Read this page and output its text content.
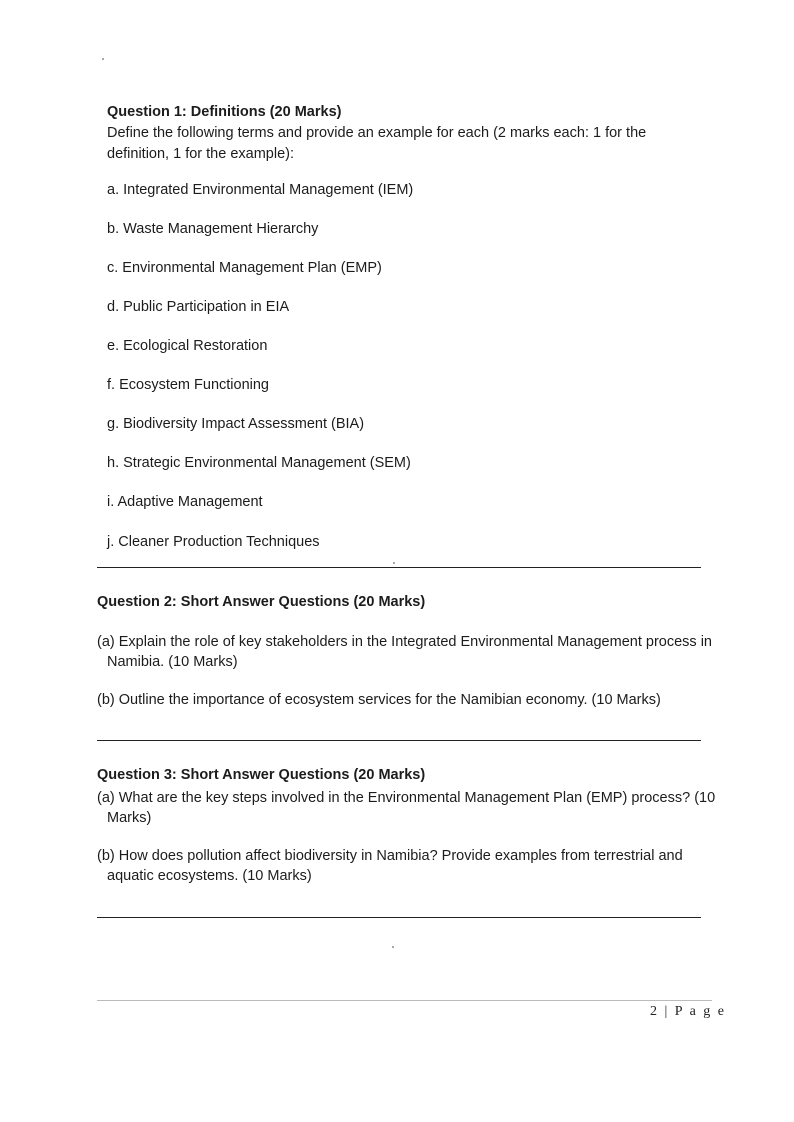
Question 1: Definitions (20 Marks)
Define the following terms and provide an example for each (2 marks each: 1 for the definition, 1 for the example):
a. Integrated Environmental Management (IEM)
b. Waste Management Hierarchy
c. Environmental Management Plan (EMP)
d. Public Participation in EIA
e. Ecological Restoration
f. Ecosystem Functioning
g. Biodiversity Impact Assessment (BIA)
h. Strategic Environmental Management (SEM)
i. Adaptive Management
j. Cleaner Production Techniques
Question 2: Short Answer Questions (20 Marks)
(a) Explain the role of key stakeholders in the Integrated Environmental Management process in Namibia. (10 Marks)
(b) Outline the importance of ecosystem services for the Namibian economy. (10 Marks)
Question 3: Short Answer Questions (20 Marks)
(a) What are the key steps involved in the Environmental Management Plan (EMP) process? (10 Marks)
(b) How does pollution affect biodiversity in Namibia? Provide examples from terrestrial and aquatic ecosystems. (10 Marks)
2 | P a g e
